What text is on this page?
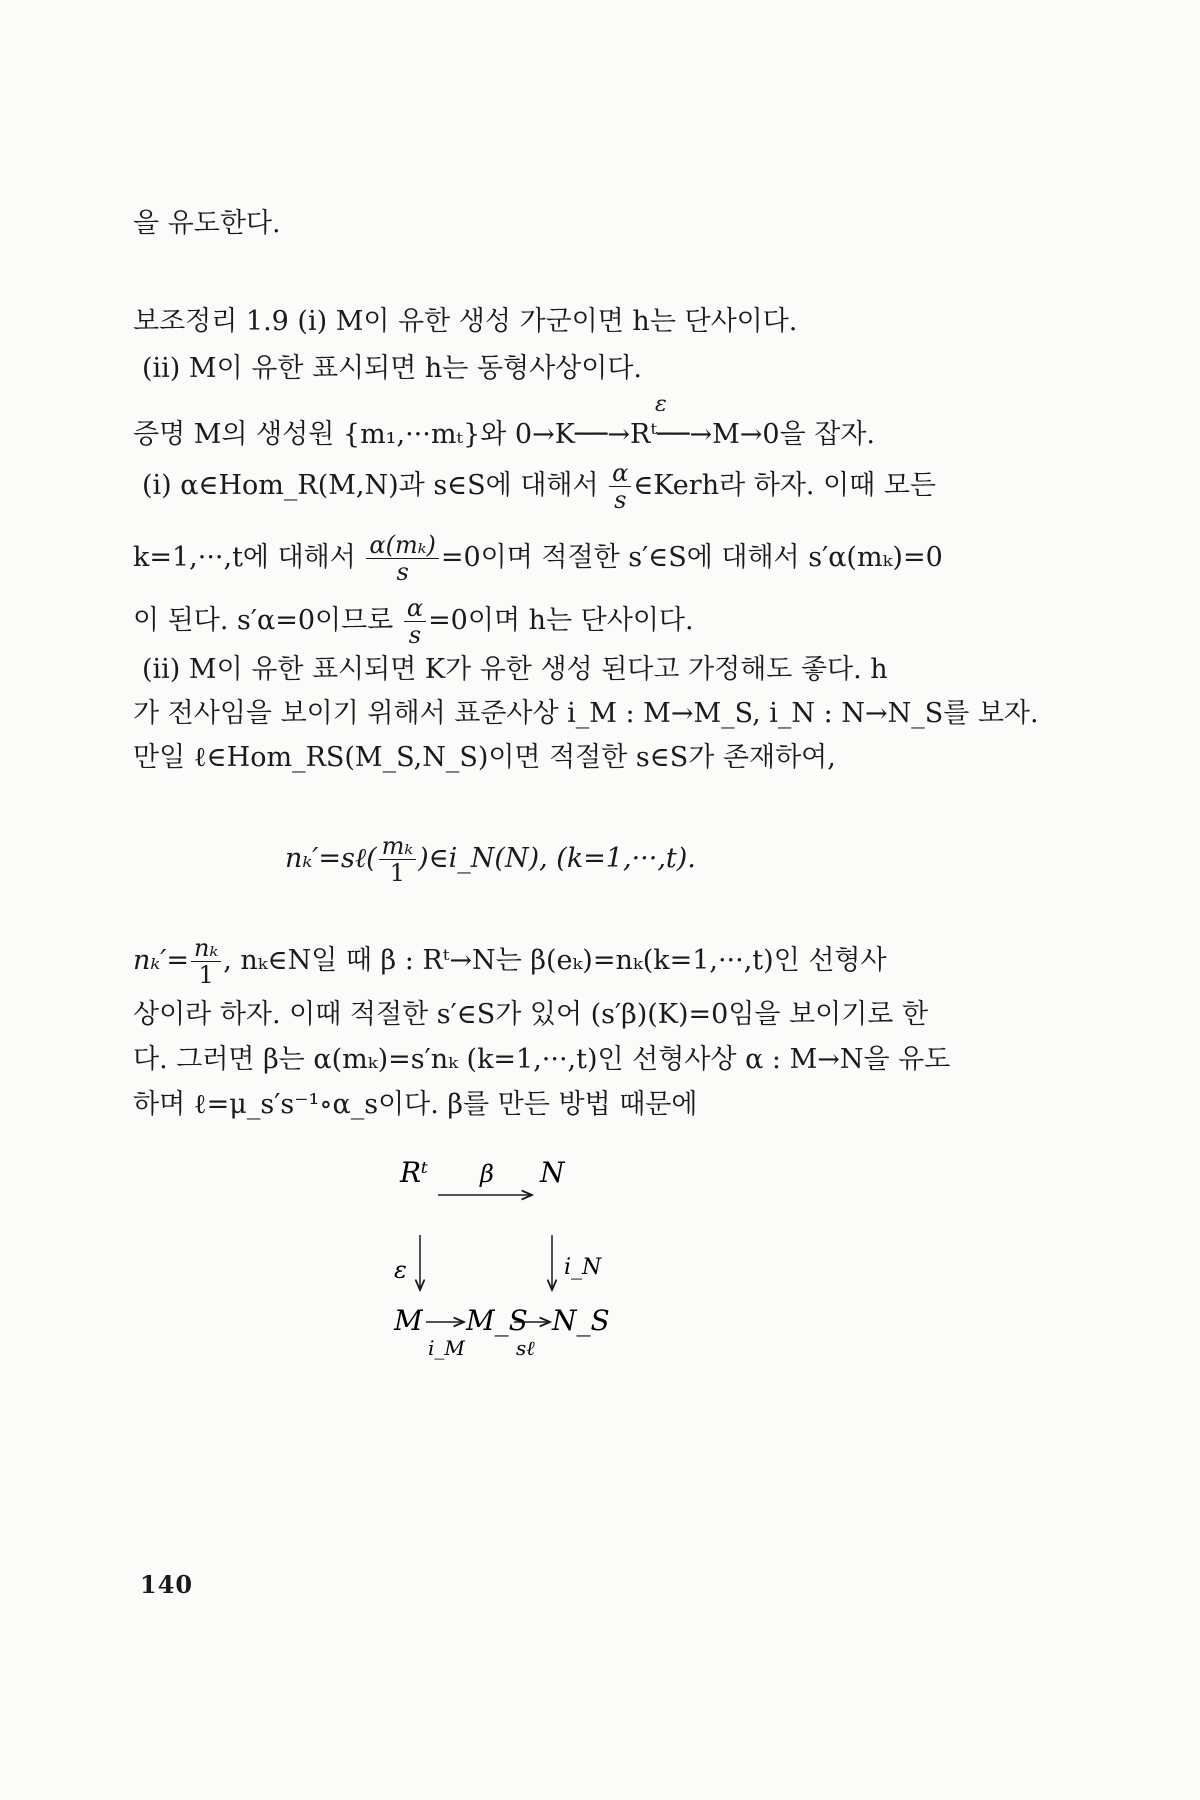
을 유도한다.
보조정리 1.9 (i) M이 유한 생성 가군이면 h는 단사이다.
(ii) M이 유한 표시되면 h는 동형사상이다.
ε
증명 M의 생성원 {m₁,···mₜ}와 0→K──→Rᵗ──→M→0을 잡자.
(i) α∈Hom_R(M,N)과 s∈S에 대해서 $\frac{\alpha}{s}$ ∈Kerh라 하자. 이때 모든
k=1,···,t에 대해서 $\frac{\text{α(mₖ)}}{s} =0$이며 적절한 s′∈S에 대해서 s′α(mₖ)=0
이 된다. s′α=0이므로 $\frac{\alpha}{s} =0$이며 h는 단사이다.
(ii) M이 유한 표시되면 K가 유한 생성 된다고 가정해도 좋다. h
가 전사임을 보이기 위해서 표준사상 i_M : M→M_S, i_N : N→N_S를 보자.
만일 ℓ∈Hom_RS(M_S,N_S)이면 적절한 s∈S가 존재하여,
nₖ′=sℓ( $\frac{\text{mₖ}}{1}$ )∈i_N(N), (k=1,···,t).
$n_k'= \frac{\text{nₖ}}{1}$ , nₖ∈N일 때 β : Rᵗ→N는 β(eₖ)=nₖ(k=1,···,t)인 선형사
상이라 하자. 이때 적절한 s′∈S가 있어 (s′β)(K)=0임을 보이기로 한
다. 그러면 β는 α(mₖ)=s′nₖ (k=1,···,t)인 선형사상 α : M→N을 유도
하며 ℓ=μ_s′s⁻¹∘α_s이다. β를 만든 방법 때문에
Rᵗ β N
ε	i_N
M
i_M
M_S
sℓ
N_S
140
